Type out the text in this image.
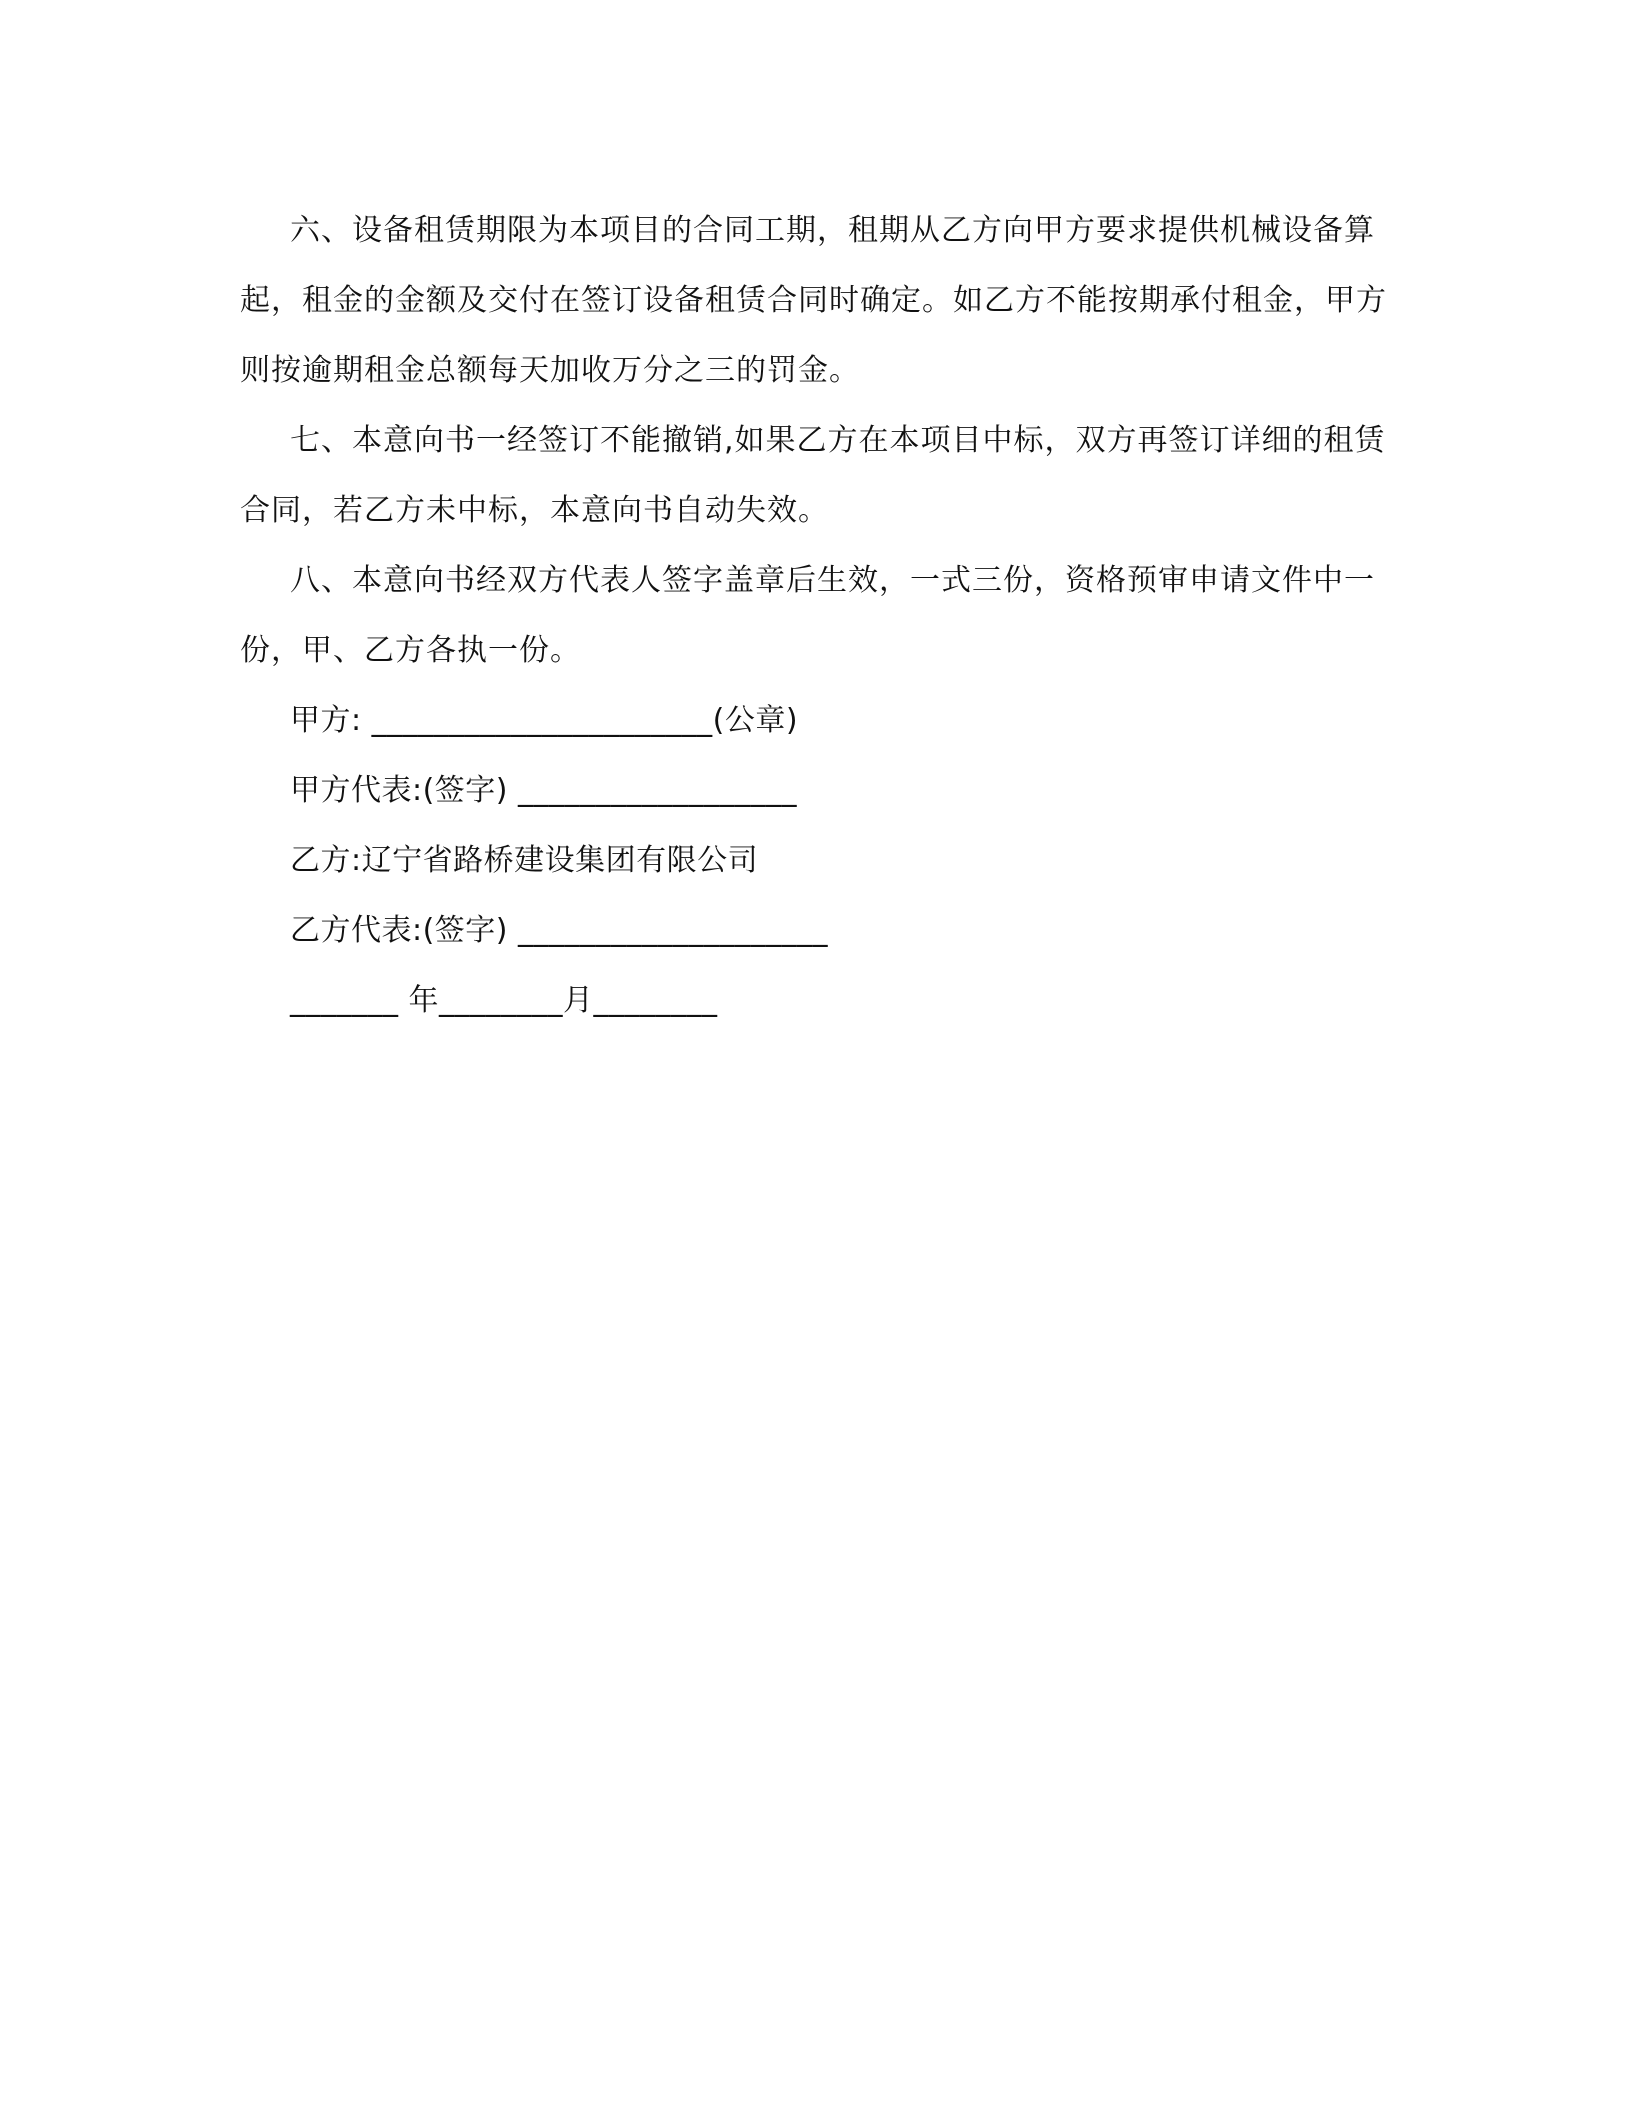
六、设备租赁期限为本项目的合同工期，租期从乙方向甲方要求提供机械设备算起，租金的金额及交付在签订设备租赁合同时确定。如乙方不能按期承付租金，甲方则按逾期租金总额每天加收万分之三的罚金。

七、本意向书一经签订不能撤销,如果乙方在本项目中标，双方再签订详细的租赁合同，若乙方未中标，本意向书自动失效。

八、本意向书经双方代表人签字盖章后生效，一式三份，资格预审申请文件中一份，甲、乙方各执一份。

甲方: ______________________(公章)

甲方代表:(签字) __________________

乙方:辽宁省路桥建设集团有限公司

乙方代表:(签字) ____________________

_______ 年________月________
